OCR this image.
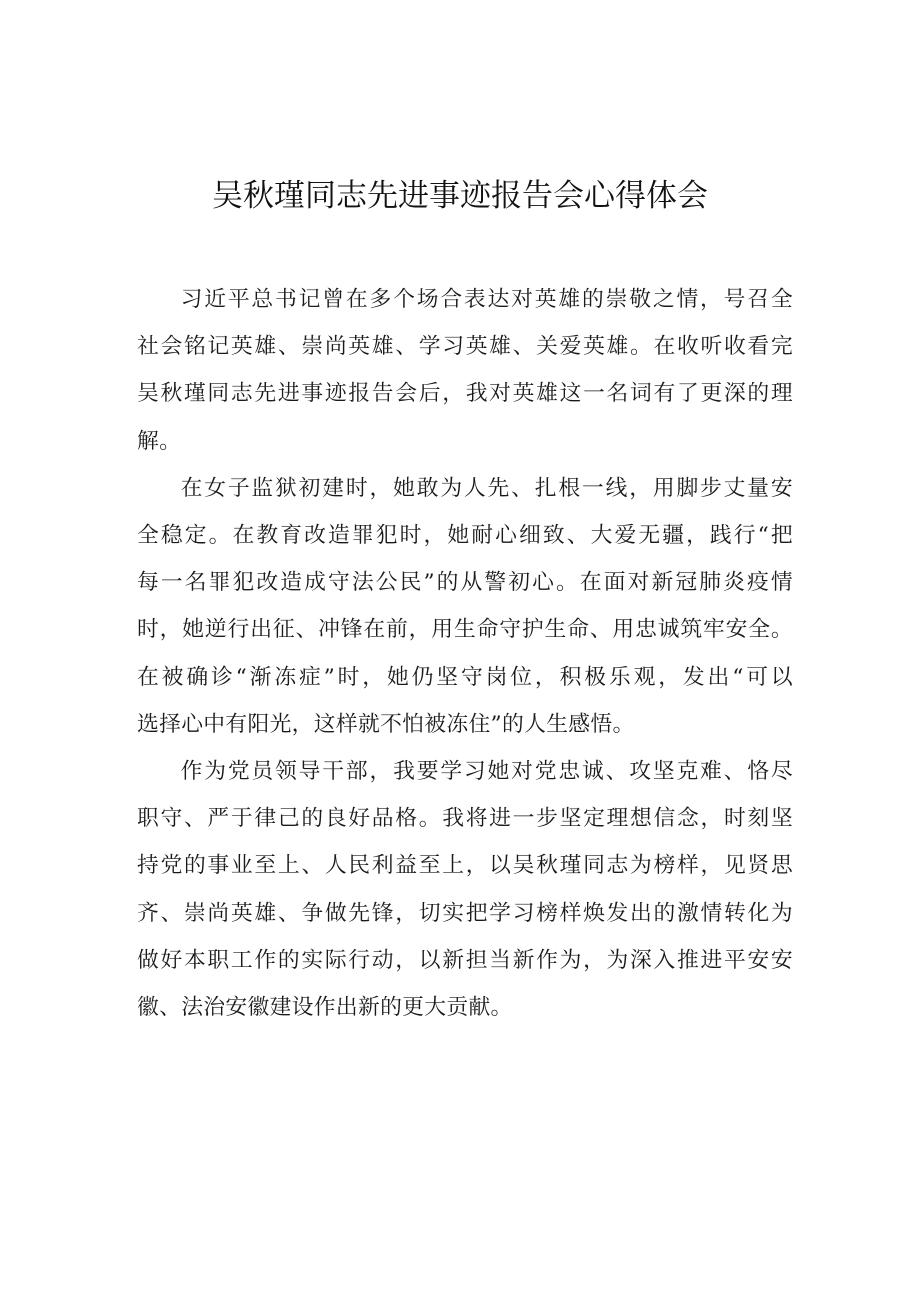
吴秋瑾同志先进事迹报告会心得体会

习近平总书记曾在多个场合表达对英雄的崇敬之情，号召全
社会铭记英雄、崇尚英雄、学习英雄、关爱英雄。在收听收看完
吴秋瑾同志先进事迹报告会后，我对英雄这一名词有了更深的理
解。

在女子监狱初建时，她敢为人先、扎根一线，用脚步丈量安
全稳定。在教育改造罪犯时，她耐心细致、大爱无疆，践行“把
每一名罪犯改造成守法公民”的从警初心。在面对新冠肺炎疫情
时，她逆行出征、冲锋在前，用生命守护生命、用忠诚筑牢安全。
在被确诊“渐冻症”时，她仍坚守岗位，积极乐观，发出“可以
选择心中有阳光，这样就不怕被冻住”的人生感悟。

作为党员领导干部，我要学习她对党忠诚、攻坚克难、恪尽
职守、严于律己的良好品格。我将进一步坚定理想信念，时刻坚
持党的事业至上、人民利益至上，以吴秋瑾同志为榜样，见贤思
齐、崇尚英雄、争做先锋，切实把学习榜样焕发出的激情转化为
做好本职工作的实际行动，以新担当新作为，为深入推进平安安
徽、法治安徽建设作出新的更大贡献。
